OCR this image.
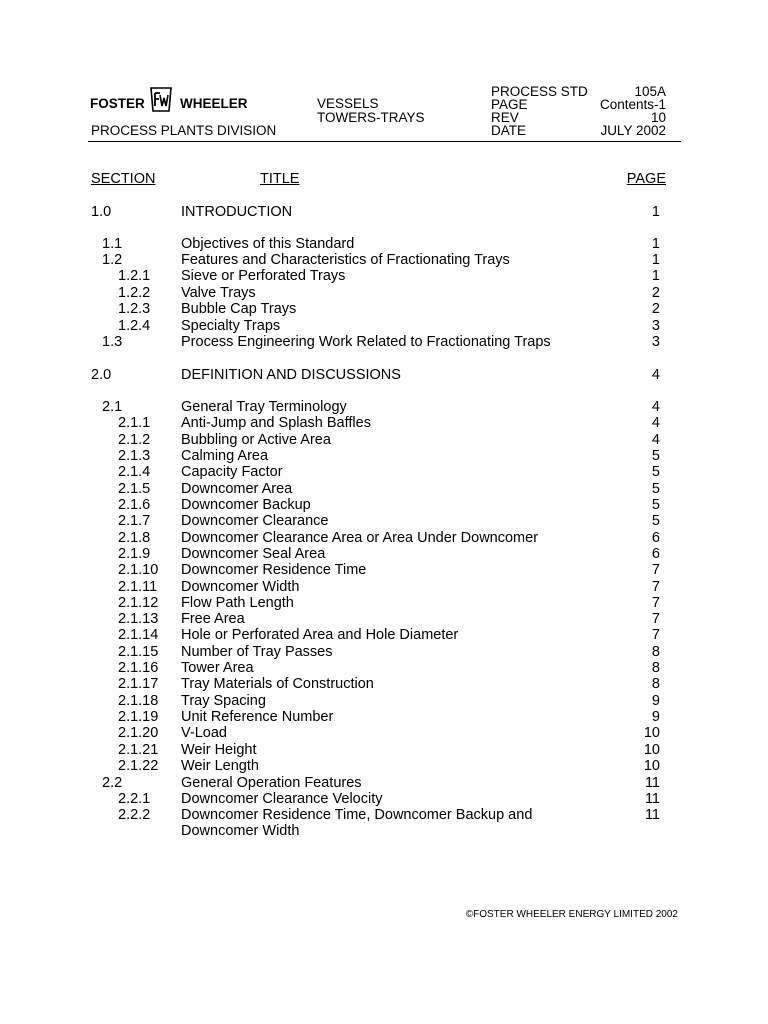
FOSTER	WHEELER
PROCESS PLANTS DIVISION
VESSELS
TOWERS-TRAYS
PROCESS STD	105A
PAGE	Contents-1
REV	10
DATE	JULY 2002
SECTION	TITLE	PAGE
1.0	INTRODUCTION	1
1.1	Objectives of this Standard	1
1.2	Features and Characteristics of Fractionating Trays	1
1.2.1 Sieve or Perforated Trays	1
1.2.2 Valve Trays	2
1.2.3 Bubble Cap Trays	2
1.2.4 Specialty Traps	3
1.3	Process Engineering Work Related to Fractionating Traps	3
2.0	DEFINITION AND DISCUSSIONS	4
2.1	General Tray Terminology	4
2.1.1 Anti-Jump and Splash Baffles	4
2.1.2 Bubbling or Active Area	4
2.1.3 Calming Area	5
2.1.4 Capacity Factor	5
2.1.5 Downcomer Area	5
2.1.6 Downcomer Backup	5
2.1.7 Downcomer Clearance	5
2.1.8 Downcomer Clearance Area or Area Under Downcomer	6
2.1.9 Downcomer Seal Area	6
2.1.10 Downcomer Residence Time	7
2.1.11 Downcomer Width	7
2.1.12 Flow Path Length	7
2.1.13 Free Area	7
2.1.14 Hole or Perforated Area and Hole Diameter	7
2.1.15 Number of Tray Passes	8
2.1.16 Tower Area	8
2.1.17 Tray Materials of Construction	8
2.1.18 Tray Spacing	9
2.1.19 Unit Reference Number	9
2.1.20 V-Load	10
2.1.21 Weir Height	10
2.1.22 Weir Length	10
2.2	General Operation Features	11
2.2.1 Downcomer Clearance Velocity	11
2.2.2 Downcomer Residence Time, Downcomer Backup and	11
Downcomer Width
©FOSTER WHEELER ENERGY LIMITED 2002
